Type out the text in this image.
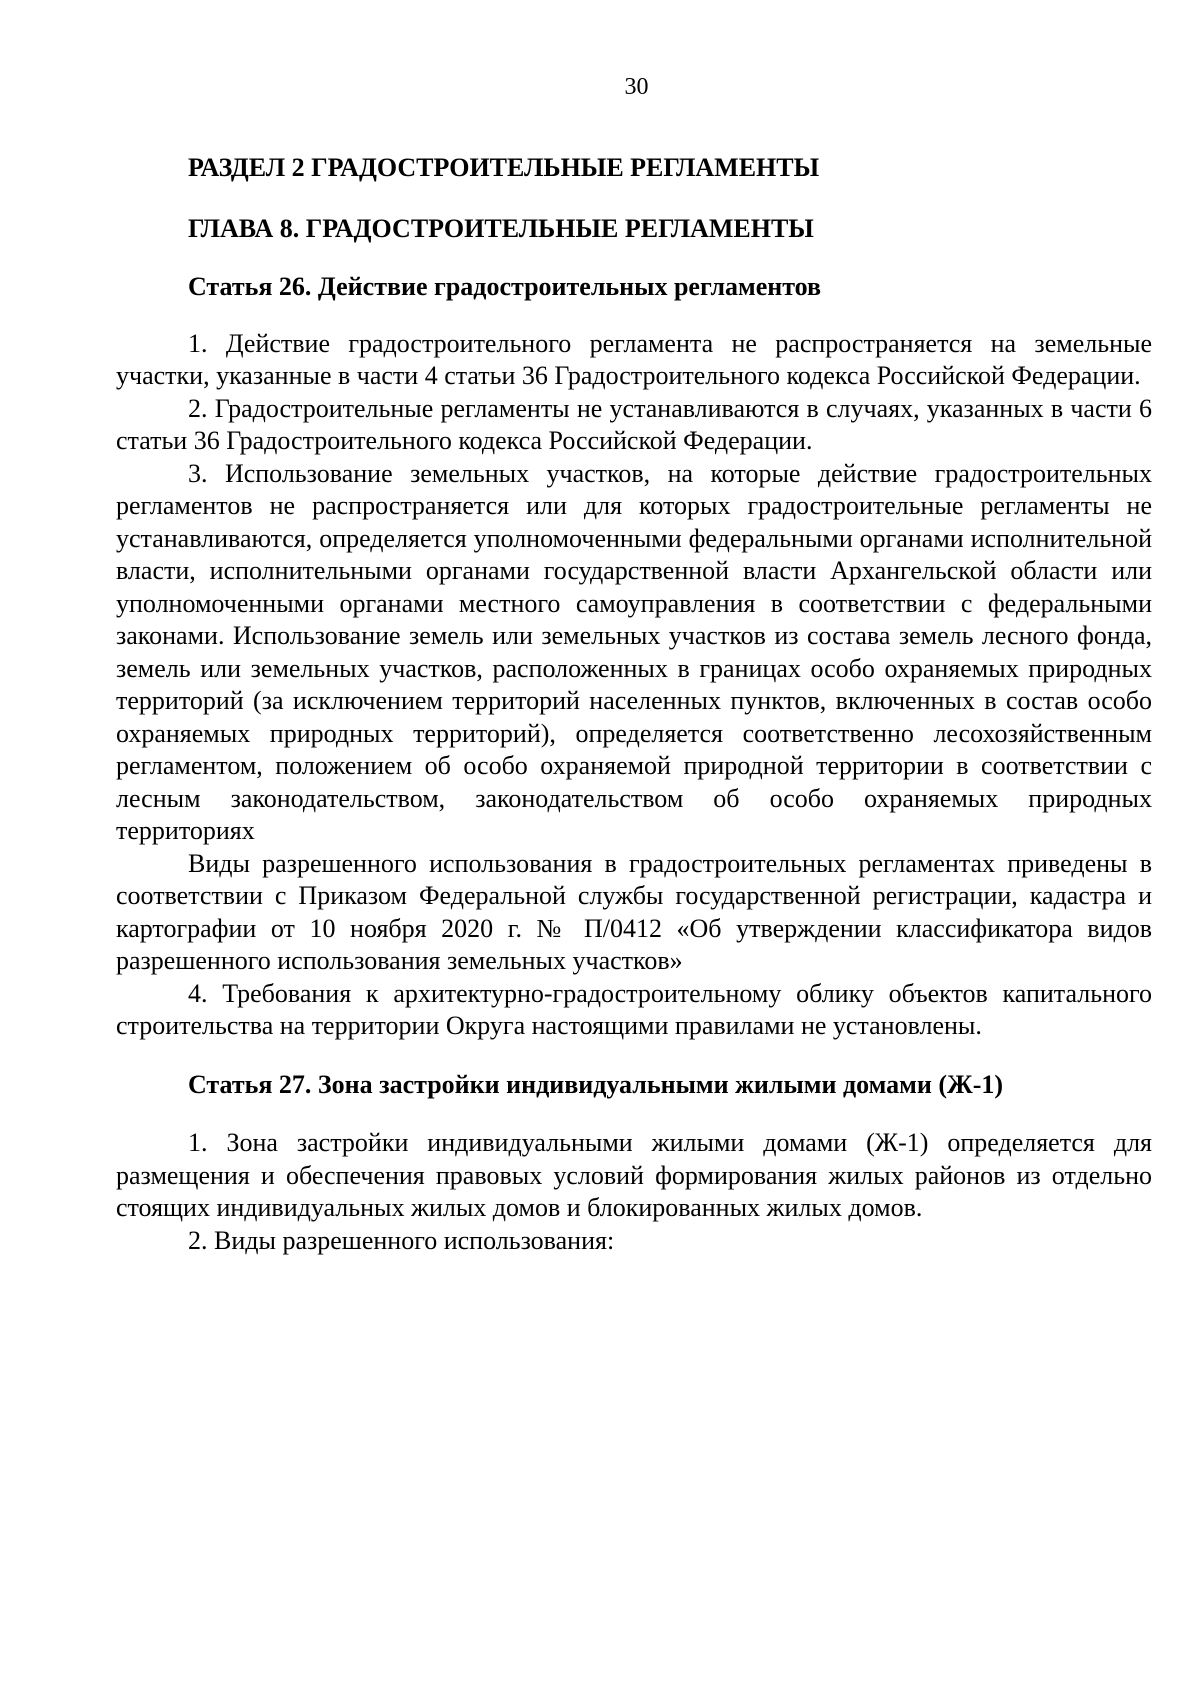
30
РАЗДЕЛ 2 ГРАДОСТРОИТЕЛЬНЫЕ РЕГЛАМЕНТЫ
ГЛАВА 8. ГРАДОСТРОИТЕЛЬНЫЕ РЕГЛАМЕНТЫ
Статья 26. Действие градостроительных регламентов

1. Действие градостроительного регламента не распространяется на земельные участки, указанные в части 4 статьи 36 Градостроительного кодекса Российской Федерации.

2. Градостроительные регламенты не устанавливаются в случаях, указанных в части 6 статьи 36 Градостроительного кодекса Российской Федерации.

3. Использование земельных участков, на которые действие градостроительных регламентов не распространяется или для которых градостроительные регламенты не устанавливаются, определяется уполномоченными федеральными органами исполнительной власти, исполнительными органами государственной власти Архангельской области или уполномоченными органами местного самоуправления в соответствии с федеральными законами. Использование земель или земельных участков из состава земель лесного фонда, земель или земельных участков, расположенных в границах особо охраняемых природных территорий (за исключением территорий населенных пунктов, включенных в состав особо охраняемых природных территорий), определяется соответственно лесохозяйственным регламентом, положением об особо охраняемой природной территории в соответствии с лесным законодательством, законодательством об особо охраняемых природных территориях

Виды разрешенного использования в градостроительных регламентах приведены в соответствии с Приказом Федеральной службы государственной регистрации, кадастра и картографии от 10 ноября 2020 г. № П/0412 «Об утверждении классификатора видов разрешенного использования земельных участков»

4. Требования к архитектурно-градостроительному облику объектов капитального строительства на территории Округа настоящими правилами не установлены.

Статья 27. Зона застройки индивидуальными жилыми домами (Ж-1)

1. Зона застройки индивидуальными жилыми домами (Ж-1) определяется для размещения и обеспечения правовых условий формирования жилых районов из отдельно стоящих индивидуальных жилых домов и блокированных жилых домов.

2. Виды разрешенного использования:
